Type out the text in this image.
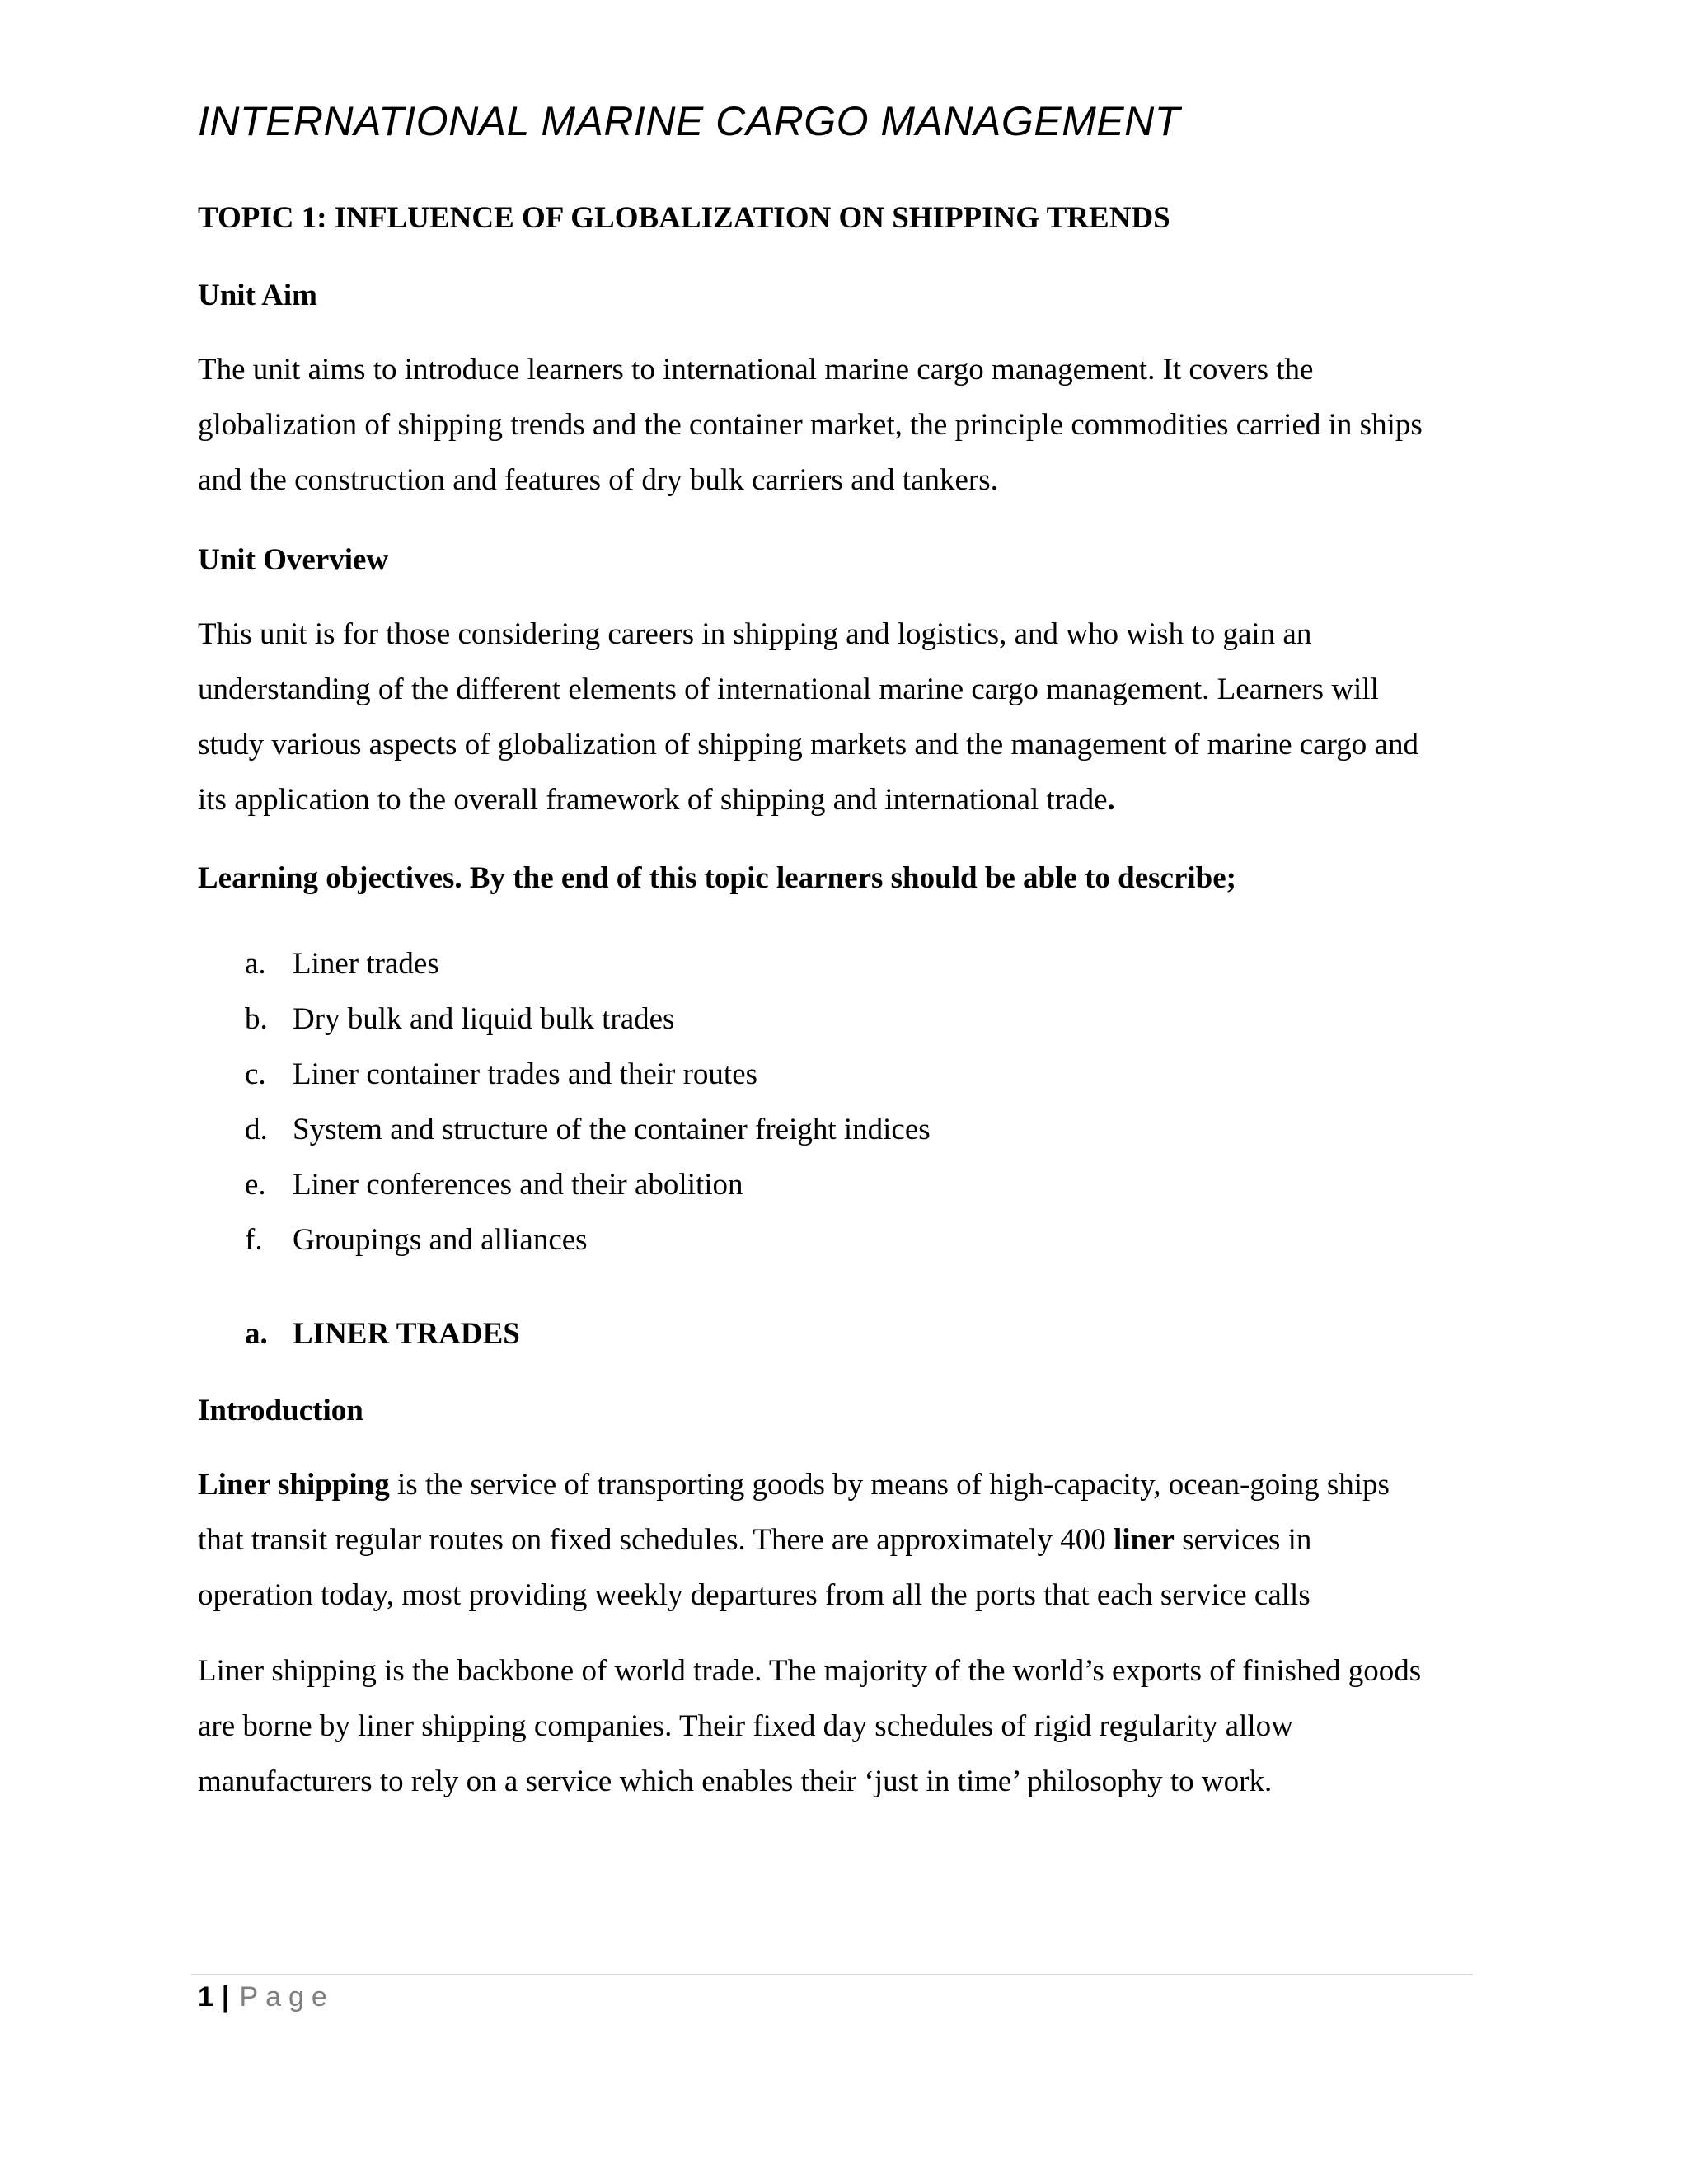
INTERNATIONAL MARINE CARGO MANAGEMENT
TOPIC 1: INFLUENCE OF GLOBALIZATION ON SHIPPING TRENDS
Unit Aim

The unit aims to introduce learners to international marine cargo management. It covers the
globalization of shipping trends and the container market, the principle commodities carried in ships
and the construction and features of dry bulk carriers and tankers.

Unit Overview

This unit is for those considering careers in shipping and logistics, and who wish to gain an
understanding of the different elements of international marine cargo management. Learners will
study various aspects of globalization of shipping markets and the management of marine cargo and
its application to the overall framework of shipping and international trade.

Learning objectives. By the end of this topic learners should be able to describe;
a. Liner trades
b. Dry bulk and liquid bulk trades
c. Liner container trades and their routes
d. System and structure of the container freight indices
e. Liner conferences and their abolition
f. Groupings and alliances
a. LINER TRADES
Introduction

Liner shipping is the service of transporting goods by means of high-capacity, ocean-going ships
that transit regular routes on fixed schedules. There are approximately 400 liner services in
operation today, most providing weekly departures from all the ports that each service calls

Liner shipping is the backbone of world trade. The majority of the world’s exports of finished goods
are borne by liner shipping companies. Their fixed day schedules of rigid regularity allow
manufacturers to rely on a service which enables their ‘just in time’ philosophy to work.

1 | Page
